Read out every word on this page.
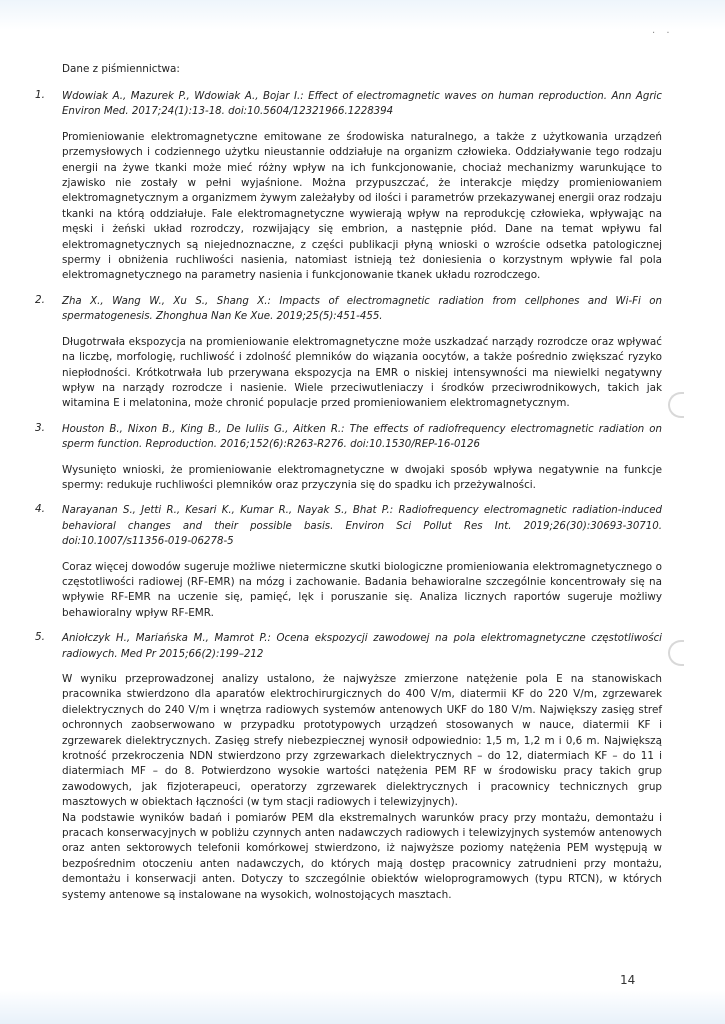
· ·

Dane z piśmiennictwa:

1. Wdowiak A., Mazurek P., Wdowiak A., Bojar I.: Effect of electromagnetic waves on human reproduction. Ann Agric Environ Med. 2017;24(1):13-18. doi:10.5604/12321966.1228394

Promieniowanie elektromagnetyczne emitowane ze środowiska naturalnego, a także z użytkowania urządzeń przemysłowych i codziennego użytku nieustannie oddziałuje na organizm człowieka. Oddziaływanie tego rodzaju energii na żywe tkanki może mieć różny wpływ na ich funkcjonowanie, chociaż mechanizmy warunkujące to zjawisko nie zostały w pełni wyjaśnione. Można przypuszczać, że interakcje między promieniowaniem elektromagnetycznym a organizmem żywym zależałyby od ilości i parametrów przekazywanej energii oraz rodzaju tkanki na którą oddziałuje. Fale elektromagnetyczne wywierają wpływ na reprodukcję człowieka, wpływając na męski i żeński układ rozrodczy, rozwijający się embrion, a następnie płód. Dane na temat wpływu fal elektromagnetycznych są niejednoznaczne, z części publikacji płyną wnioski o wzroście odsetka patologicznej spermy i obniżenia ruchliwości nasienia, natomiast istnieją też doniesienia o korzystnym wpływie fal pola elektromagnetycznego na parametry nasienia i funkcjonowanie tkanek układu rozrodczego.

2. Zha X., Wang W., Xu S., Shang X.: Impacts of electromagnetic radiation from cellphones and Wi-Fi on spermatogenesis. Zhonghua Nan Ke Xue. 2019;25(5):451-455.

Długotrwała ekspozycja na promieniowanie elektromagnetyczne może uszkadzać narządy rozrodcze oraz wpływać na liczbę, morfologię, ruchliwość i zdolność plemników do wiązania oocytów, a także pośrednio zwiększać ryzyko niepłodności. Krótkotrwała lub przerywana ekspozycja na EMR o niskiej intensywności ma niewielki negatywny wpływ na narządy rozrodcze i nasienie. Wiele przeciwutleniaczy i środków przeciwrodnikowych, takich jak witamina E i melatonina, może chronić populacje przed promieniowaniem elektromagnetycznym.

3. Houston B., Nixon B., King B., De Iuliis G., Aitken R.: The effects of radiofrequency electromagnetic radiation on sperm function. Reproduction. 2016;152(6):R263-R276. doi:10.1530/REP-16-0126

Wysunięto wnioski, że promieniowanie elektromagnetyczne w dwojaki sposób wpływa negatywnie na funkcje spermy: redukuje ruchliwości plemników oraz przyczynia się do spadku ich przeżywalności.

4. Narayanan S., Jetti R., Kesari K., Kumar R., Nayak S., Bhat P.: Radiofrequency electromagnetic radiation-induced behavioral changes and their possible basis. Environ Sci Pollut Res Int. 2019;26(30):30693-30710. doi:10.1007/s11356-019-06278-5

Coraz więcej dowodów sugeruje możliwe nietermiczne skutki biologiczne promieniowania elektromagnetycznego o częstotliwości radiowej (RF-EMR) na mózg i zachowanie. Badania behawioralne szczególnie koncentrowały się na wpływie RF-EMR na uczenie się, pamięć, lęk i poruszanie się. Analiza licznych raportów sugeruje możliwy behawioralny wpływ RF-EMR.

5. Aniołczyk H., Mariańska M., Mamrot P.: Ocena ekspozycji zawodowej na pola elektromagnetyczne częstotliwości radiowych. Med Pr 2015;66(2):199–212

W wyniku przeprowadzonej analizy ustalono, że najwyższe zmierzone natężenie pola E na stanowiskach pracownika stwierdzono dla aparatów elektrochirurgicznych do 400 V/m, diatermii KF do 220 V/m, zgrzewarek dielektrycznych do 240 V/m i wnętrza radiowych systemów antenowych UKF do 180 V/m. Największy zasięg stref ochronnych zaobserwowano w przypadku prototypowych urządzeń stosowanych w nauce, diatermii KF i zgrzewarek dielektrycznych. Zasięg strefy niebezpiecznej wynosił odpowiednio: 1,5 m, 1,2 m i 0,6 m. Największą krotność przekroczenia NDN stwierdzono przy zgrzewarkach dielektrycznych – do 12, diatermiach KF – do 11 i diatermiach MF – do 8. Potwierdzono wysokie wartości natężenia PEM RF w środowisku pracy takich grup zawodowych, jak fizjoterapeuci, operatorzy zgrzewarek dielektrycznych i pracownicy technicznych grup masztowych w obiektach łączności (w tym stacji radiowych i telewizyjnych).

Na podstawie wyników badań i pomiarów PEM dla ekstremalnych warunków pracy przy montażu, demontażu i pracach konserwacyjnych w pobliżu czynnych anten nadawczych radiowych i telewizyjnych systemów antenowych oraz anten sektorowych telefonii komórkowej stwierdzono, iż najwyższe poziomy natężenia PEM występują w bezpośrednim otoczeniu anten nadawczych, do których mają dostęp pracownicy zatrudnieni przy montażu, demontażu i konserwacji anten. Dotyczy to szczególnie obiektów wieloprogramowych (typu RTCN), w których systemy antenowe są instalowane na wysokich, wolnostojących masztach.

14
